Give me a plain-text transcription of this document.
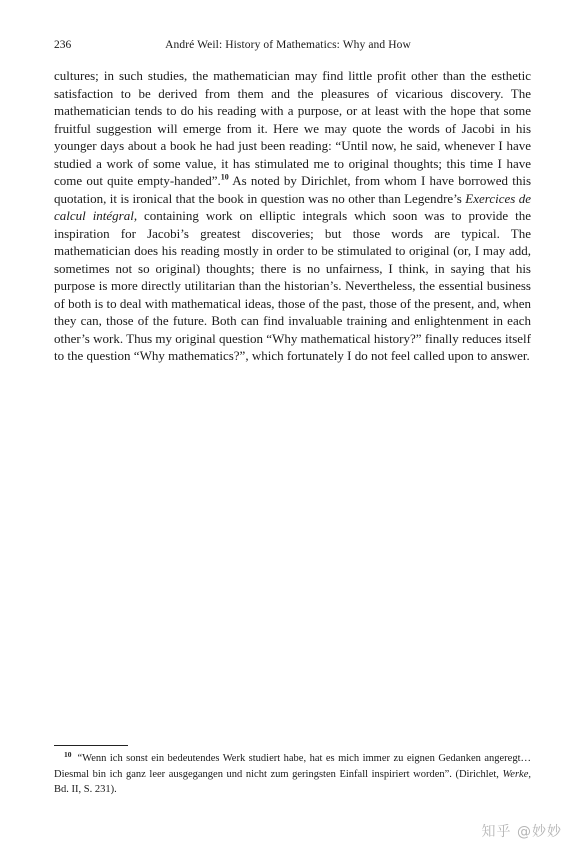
236	André Weil: History of Mathematics: Why and How

cultures; in such studies, the mathematician may find little profit other than the esthetic satisfaction to be derived from them and the pleasures of vicarious discovery. The mathematician tends to do his reading with a purpose, or at least with the hope that some fruitful suggestion will emerge from it. Here we may quote the words of Jacobi in his younger days about a book he had just been reading: “Until now, he said, whenever I have studied a work of some value, it has stimulated me to original thoughts; this time I have come out quite empty-handed”.$^{10}$ As noted by Dirichlet, from whom I have borrowed this quotation, it is ironical that the book in question was no other than Legendre’s Exercices de calcul intégral, containing work on elliptic integrals which soon was to provide the inspiration for Jacobi’s greatest discoveries; but those words are typical. The mathematician does his reading mostly in order to be stimulated to original (or, I may add, sometimes not so original) thoughts; there is no unfairness, I think, in saying that his purpose is more directly utilitarian than the historian’s. Nevertheless, the essential business of both is to deal with mathematical ideas, those of the past, those of the present, and, when they can, those of the future. Both can find invaluable training and enlightenment in each other’s work. Thus my original question “Why mathematical history?” finally reduces itself to the question “Why mathematics?”, which fortunately I do not feel called upon to answer.

$^{10}$ “Wenn ich sonst ein bedeutendes Werk studiert habe, hat es mich immer zu eignen Gedanken angeregt… Diesmal bin ich ganz leer ausgegangen und nicht zum geringsten Einfall inspiriert worden”. (Dirichlet, Werke, Bd. II, S. 231).

知乎 @妙妙
